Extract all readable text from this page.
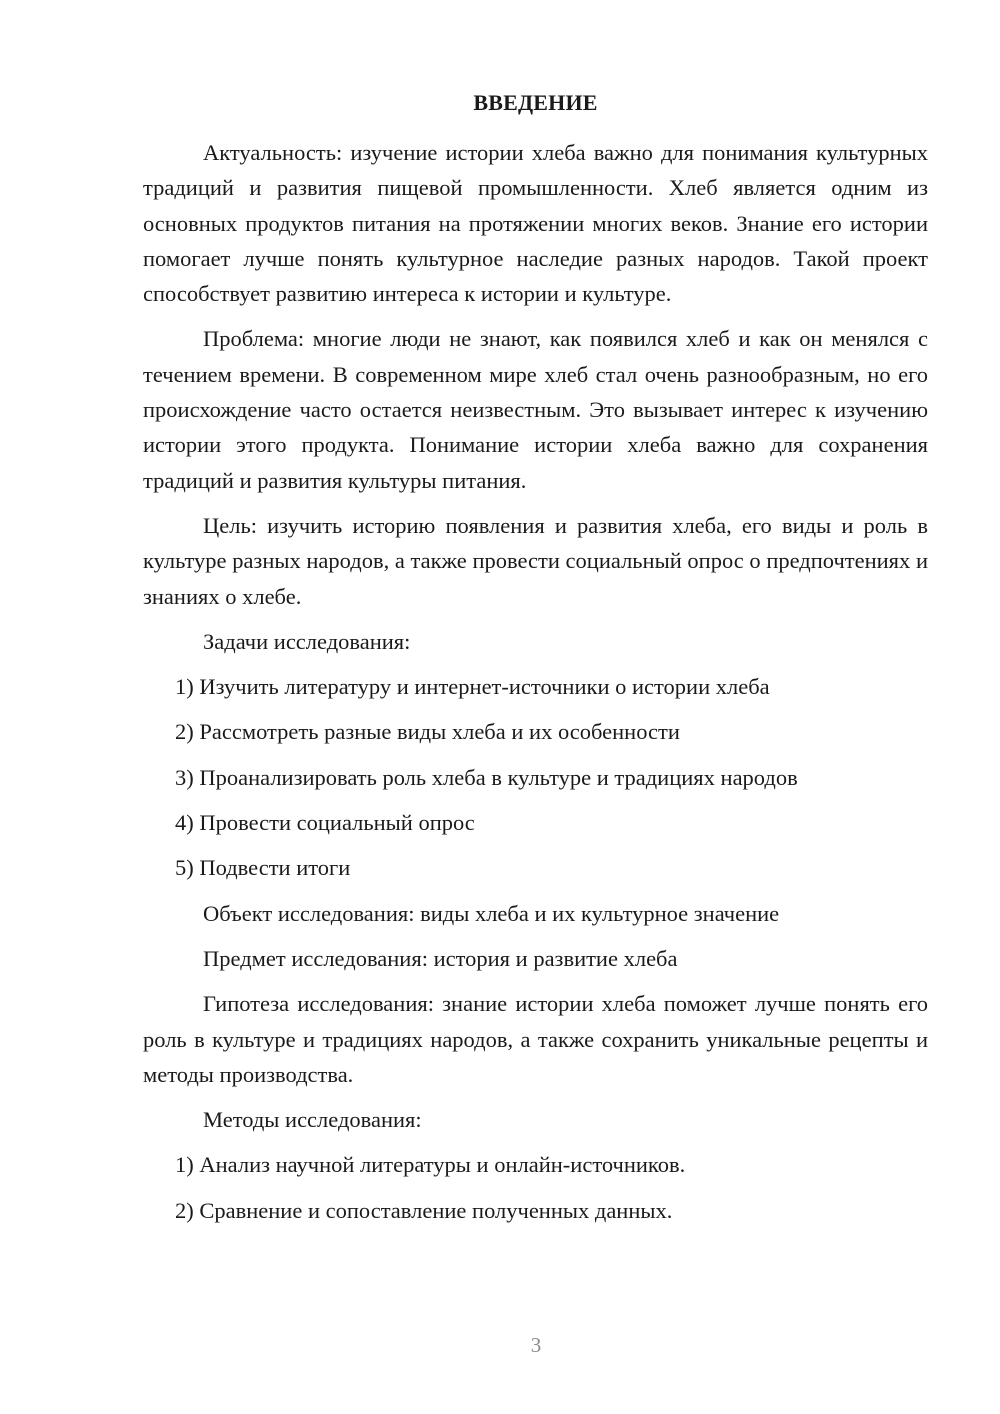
ВВЕДЕНИЕ

Актуальность: изучение истории хлеба важно для понимания культурных традиций и развития пищевой промышленности. Хлеб является одним из основных продуктов питания на протяжении многих веков. Знание его истории помогает лучше понять культурное наследие разных народов. Такой проект способствует развитию интереса к истории и культуре.

Проблема: многие люди не знают, как появился хлеб и как он менялся с течением времени. В современном мире хлеб стал очень разнообразным, но его происхождение часто остается неизвестным. Это вызывает интерес к изучению истории этого продукта. Понимание истории хлеба важно для сохранения традиций и развития культуры питания.

Цель: изучить историю появления и развития хлеба, его виды и роль в культуре разных народов, а также провести социальный опрос о предпочтениях и знаниях о хлебе.

Задачи исследования:

1) Изучить литературу и интернет-источники о истории хлеба

2) Рассмотреть разные виды хлеба и их особенности

3) Проанализировать роль хлеба в культуре и традициях народов

4) Провести социальный опрос

5) Подвести итоги

Объект исследования: виды хлеба и их культурное значение

Предмет исследования: история и развитие хлеба

Гипотеза исследования: знание истории хлеба поможет лучше понять его роль в культуре и традициях народов, а также сохранить уникальные рецепты и методы производства.

Методы исследования:

1) Анализ научной литературы и онлайн-источников.

2) Сравнение и сопоставление полученных данных.

3
